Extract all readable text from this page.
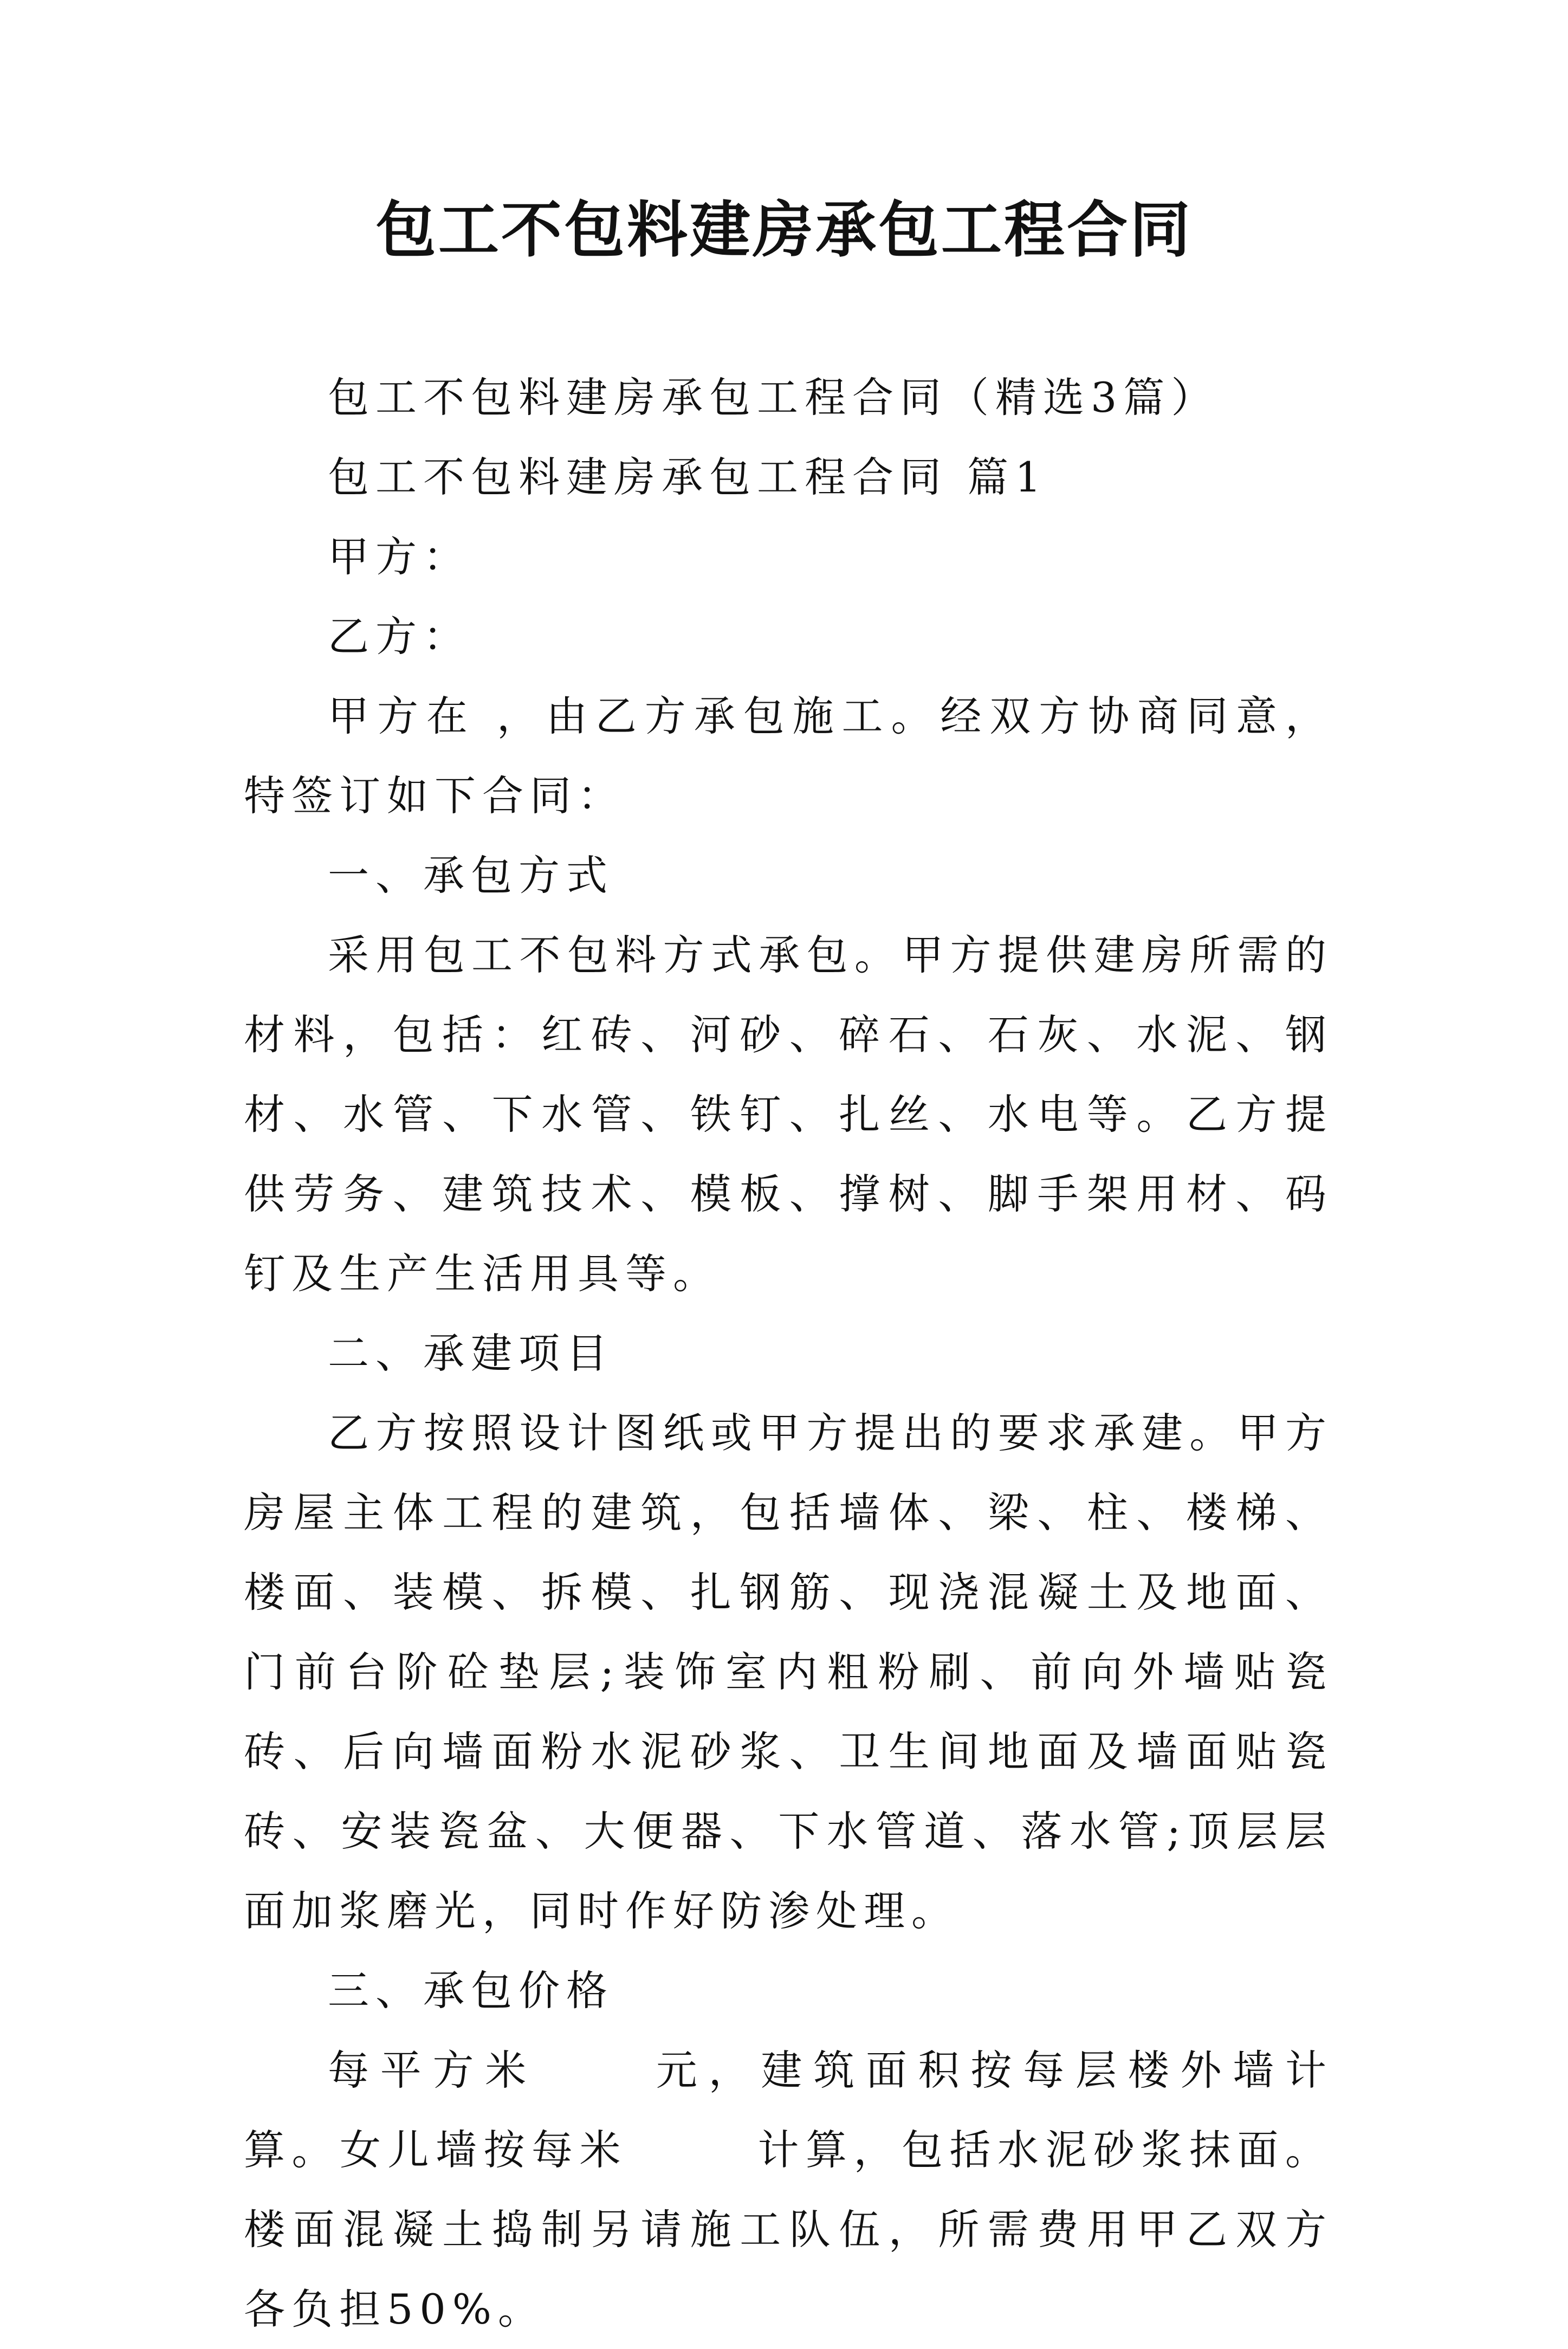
包工不包料建房承包工程合同

包工不包料建房承包工程合同（精选3篇）

包工不包料建房承包工程合同 篇1

甲方：

乙方：

甲方在 ，由乙方承包施工。经双方协商同意，特签订如下合同：

一、承包方式

采用包工不包料方式承包。甲方提供建房所需的材料，包括：红砖、河砂、碎石、石灰、水泥、钢材、水管、下水管、铁钉、扎丝、水电等。乙方提供劳务、建筑技术、模板、撑树、脚手架用材、码钉及生产生活用具等。

二、承建项目

乙方按照设计图纸或甲方提出的要求承建。甲方房屋主体工程的建筑，包括墙体、梁、柱、楼梯、楼面、装模、拆模、扎钢筋、现浇混凝土及地面、门前台阶砼垫层;装饰室内粗粉刷、前向外墙贴瓷砖、后向墙面粉水泥砂浆、卫生间地面及墙面贴瓷砖、安装瓷盆、大便器、下水管道、落水管;顶层层面加浆磨光，同时作好防渗处理。

三、承包价格

每平方米	元，建筑面积按每层楼外墙计算。女儿墙按每米	计算，包括水泥砂浆抹面。楼面混凝土捣制另请施工队伍，所需费用甲乙双方各负担50%。
